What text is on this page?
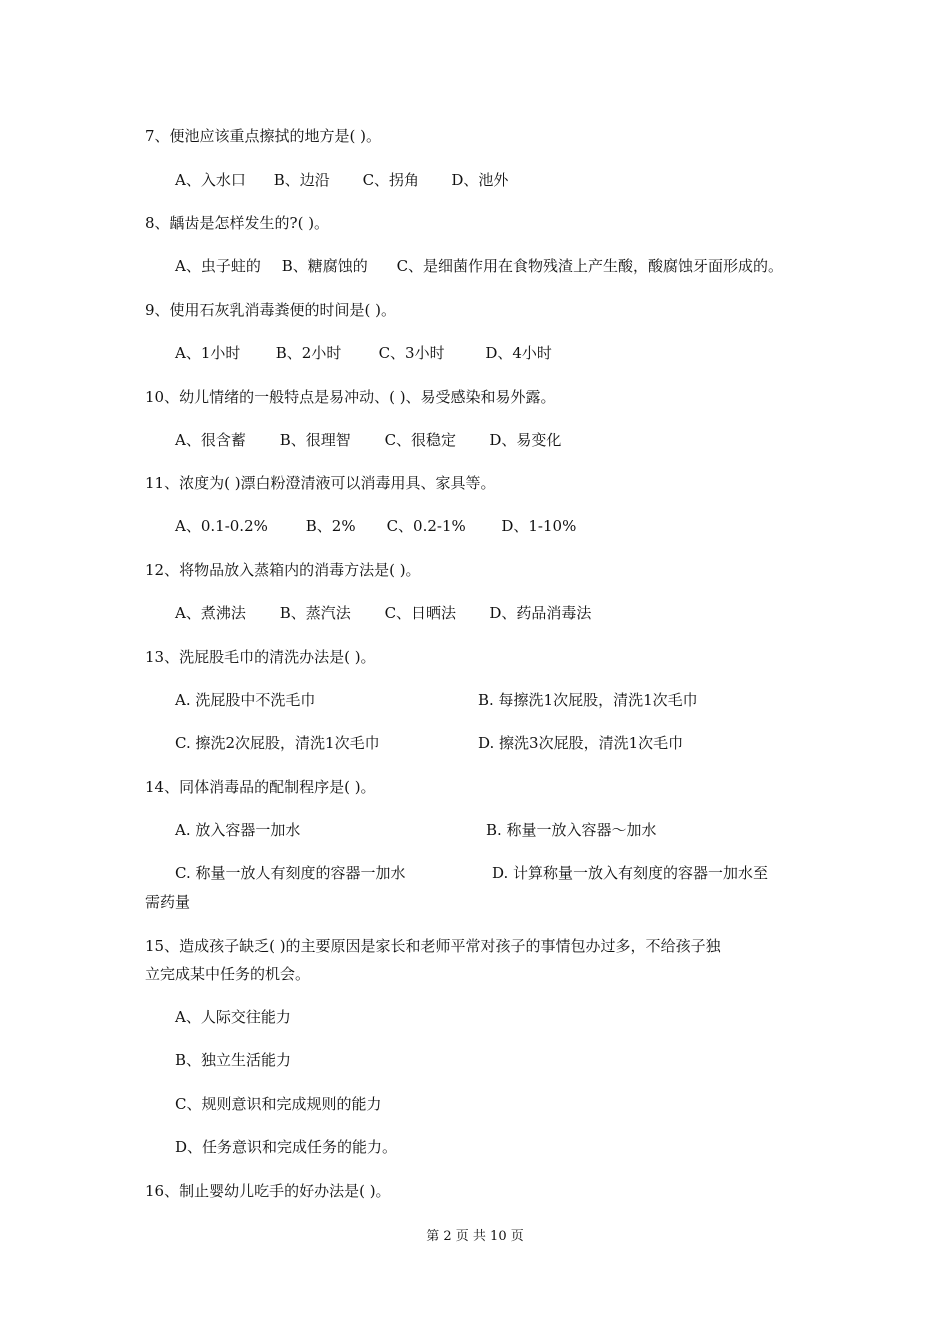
7、便池应该重点擦拭的地方是( )。
A、入水口 B、边沿 C、拐角 D、池外
8、龋齿是怎样发生的?( )。
A、虫子蛀的 B、糖腐蚀的 C、是细菌作用在食物残渣上产生酸，酸腐蚀牙面形成的。
9、使用石灰乳消毒粪便的时间是( )。
A、1小时 B、2小时 C、3小时	D、4小时
10、幼儿情绪的一般特点是易冲动、( )、易受感染和易外露。
A、很含蓄 B、很理智 C、很稳定 D、易变化
11、浓度为( )漂白粉澄清液可以消毒用具、家具等。
A、0.1-0.2%	B、2% C、0.2-1% D、1-10%
12、将物品放入蒸箱内的消毒方法是( )。
A、煮沸法 B、蒸汽法 C、日晒法 D、药品消毒法
13、洗屁股毛巾的清洗办法是( )。
A. 洗屁股中不洗毛巾	B. 每擦洗1次屁股，清洗1次毛巾
C. 擦洗2次屁股，清洗1次毛巾	D. 擦洗3次屁股，清洗1次毛巾
14、同体消毒品的配制程序是( )。
A. 放入容器一加水	B. 称量一放入容器～加水
C. 称量一放人有刻度的容器一加水	D. 计算称量一放入有刻度的容器一加水至
需药量
15、造成孩子缺乏( )的主要原因是家长和老师平常对孩子的事情包办过多，不给孩子独
立完成某中任务的机会。
A、人际交往能力
B、独立生活能力
C、规则意识和完成规则的能力
D、任务意识和完成任务的能力。
16、制止婴幼儿吃手的好办法是( )。
第 2 页 共 10 页
